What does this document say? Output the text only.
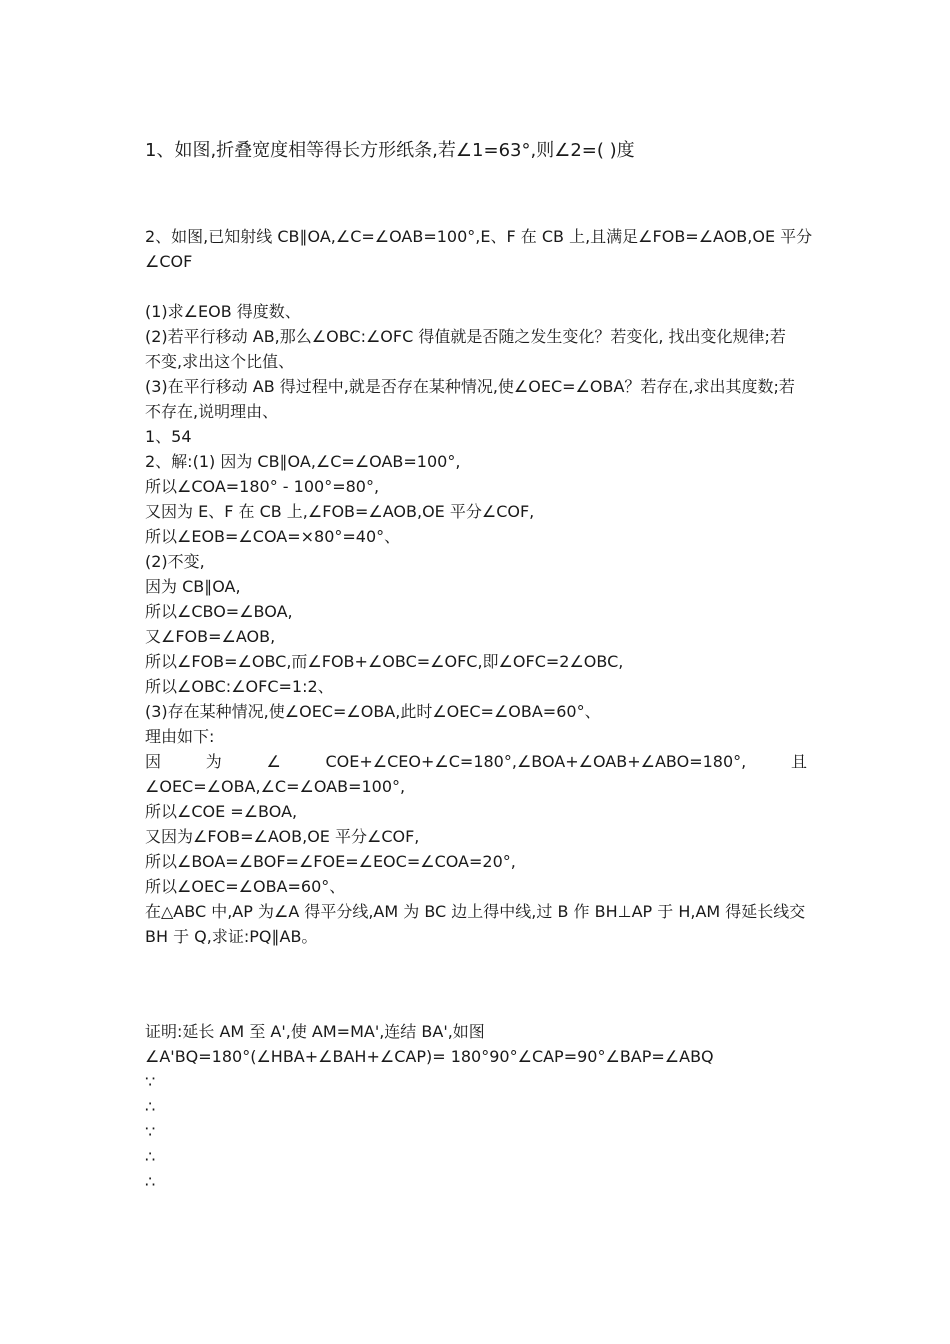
1、如图,折叠宽度相等得长方形纸条,若∠1=63°,则∠2=( )度
2、如图,已知射线 CB∥OA,∠C=∠OAB=100°,E、F 在 CB 上,且满足∠FOB=∠AOB,OE 平分
∠COF
(1)求∠EOB 得度数、
(2)若平行移动 AB,那么∠OBC:∠OFC 得值就是否随之发生变化？若变化, 找出变化规律;若
不变,求出这个比值、
(3)在平行移动 AB 得过程中,就是否存在某种情况,使∠OEC=∠OBA？若存在,求出其度数;若
不存在,说明理由、
1、54
2、解:(1) 因为 CB∥OA,∠C=∠OAB=100°,
所以∠COA=180° - 100°=80°,
又因为 E、F 在 CB 上,∠FOB=∠AOB,OE 平分∠COF,
所以∠EOB=∠COA=×80°=40°、
(2)不变,
因为 CB∥OA,
所以∠CBO=∠BOA,
又∠FOB=∠AOB,
所以∠FOB=∠OBC,而∠FOB+∠OBC=∠OFC,即∠OFC=2∠OBC,
所以∠OBC:∠OFC=1:2、
(3)存在某种情况,使∠OEC=∠OBA,此时∠OEC=∠OBA=60°、
理由如下:
因	为	∠	COE+∠CEO+∠C=180°,∠BOA+∠OAB+∠ABO=180°,	且
∠OEC=∠OBA,∠C=∠OAB=100°,
所以∠COE =∠BOA,
又因为∠FOB=∠AOB,OE 平分∠COF,
所以∠BOA=∠BOF=∠FOE=∠EOC=∠COA=20°,
所以∠OEC=∠OBA=60°、
在△ABC 中,AP 为∠A 得平分线,AM 为 BC 边上得中线,过 B 作 BH⊥AP 于 H,AM 得延长线交
BH 于 Q,求证:PQ∥AB。
证明:延长 AM 至 A',使 AM=MA',连结 BA',如图
∠A'BQ=180°(∠HBA+∠BAH+∠CAP)= 180°90°∠CAP=90°∠BAP=∠ABQ
∵
∴
∵
∴
∴
